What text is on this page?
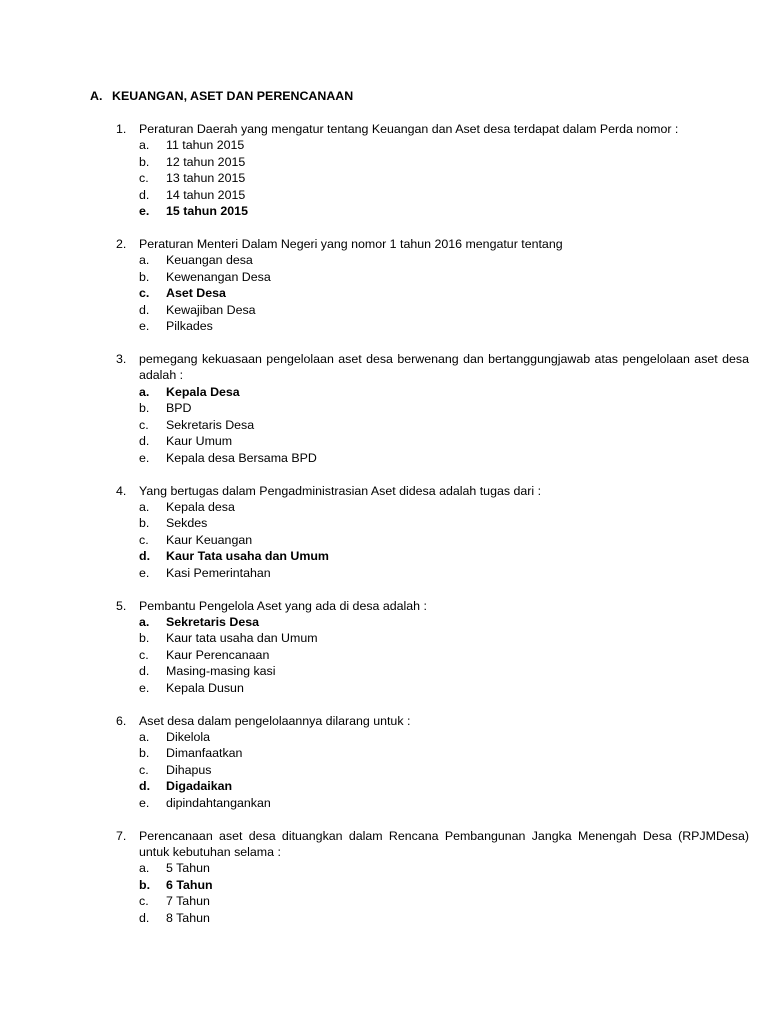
A. KEUANGAN, ASET DAN PERENCANAAN
1.	Peraturan Daerah yang mengatur tentang Keuangan dan Aset desa terdapat dalam Perda nomor :
a.	11 tahun 2015
b.	12 tahun 2015
c.	13 tahun 2015
d.	14 tahun 2015
e.	15 tahun 2015
2.	Peraturan Menteri Dalam Negeri yang nomor 1 tahun 2016 mengatur tentang
a.	Keuangan desa
b.	Kewenangan Desa
c.	Aset Desa
d.	Kewajiban Desa
e.	Pilkades
3.	pemegang kekuasaan pengelolaan aset desa berwenang dan bertanggungjawab atas pengelolaan aset desa adalah :
a.	Kepala Desa
b.	BPD
c.	Sekretaris Desa
d.	Kaur Umum
e.	Kepala desa Bersama BPD
4.	Yang bertugas dalam Pengadministrasian Aset didesa adalah tugas dari :
a.	Kepala desa
b.	Sekdes
c.	Kaur Keuangan
d.	Kaur Tata usaha dan Umum
e.	Kasi Pemerintahan
5.	Pembantu Pengelola Aset yang ada di desa adalah :
a.	Sekretaris Desa
b.	Kaur tata usaha dan Umum
c.	Kaur Perencanaan
d.	Masing-masing kasi
e.	Kepala Dusun
6.	Aset desa dalam pengelolaannya dilarang untuk :
a.	Dikelola
b.	Dimanfaatkan
c.	Dihapus
d.	Digadaikan
e.	dipindahtangankan
7.	Perencanaan aset desa dituangkan dalam Rencana Pembangunan Jangka Menengah Desa (RPJMDesa) untuk kebutuhan selama :
a.	5 Tahun
b.	6 Tahun
c.	7 Tahun
d.	8 Tahun
